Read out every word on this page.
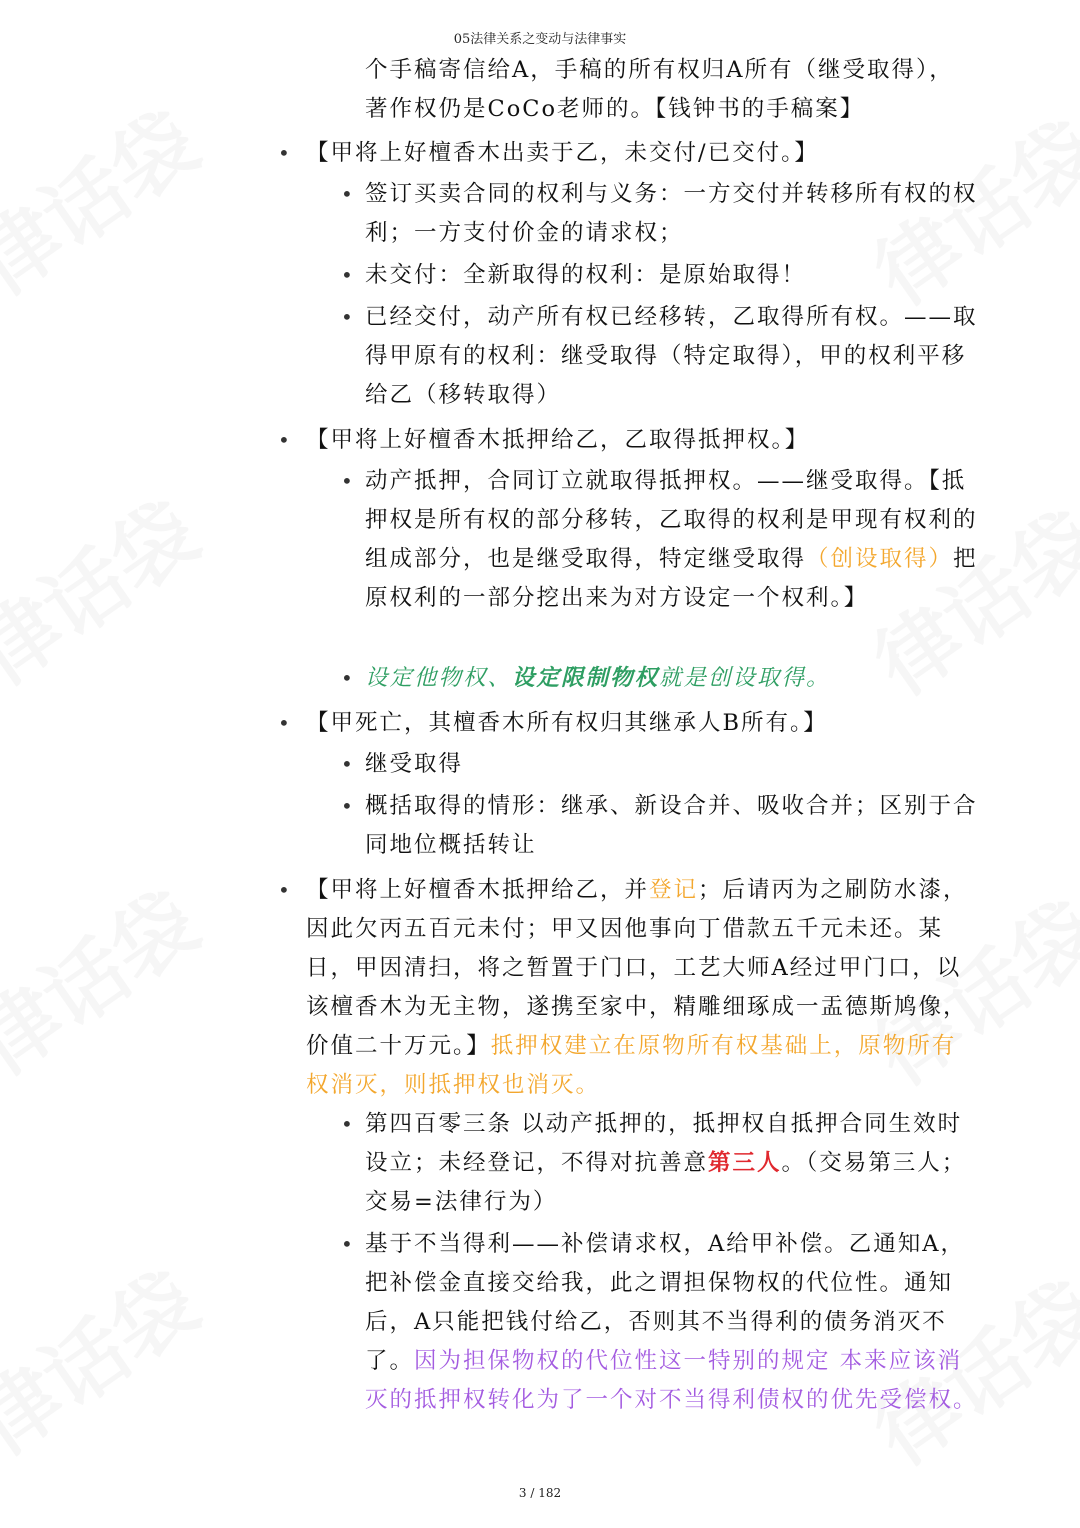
05法律关系之变动与法律事实
个手稿寄信给A，手稿的所有权归A所有（继受取得），著作权仍是CoCo老师的。【钱钟书的手稿案】
• 【甲将上好檀香木出卖于乙，未交付/已交付。】
• 签订买卖合同的权利与义务：一方交付并转移所有权的权利；一方支付价金的请求权；
• 未交付：全新取得的权利：是原始取得！
• 已经交付，动产所有权已经移转，乙取得所有权。——取得甲原有的权利：继受取得（特定取得），甲的权利平移给乙（移转取得）
• 【甲将上好檀香木抵押给乙，乙取得抵押权。】
• 动产抵押，合同订立就取得抵押权。——继受取得。【抵押权是所有权的部分移转，乙取得的权利是甲现有权利的组成部分，也是继受取得，特定继受取得（创设取得）把原权利的一部分挖出来为对方设定一个权利。】
• 设定他物权、设定限制物权就是创设取得。
• 【甲死亡，其檀香木所有权归其继承人B所有。】
• 继受取得
• 概括取得的情形：继承、新设合并、吸收合并；区别于合同地位概括转让
• 【甲将上好檀香木抵押给乙，并登记；后请丙为之刷防水漆，因此欠丙五百元未付；甲又因他事向丁借款五千元未还。某日，甲因清扫，将之暂置于门口，工艺大师A经过甲门口，以该檀香木为无主物，遂携至家中，精雕细琢成一盂德斯鸠像，价值二十万元。】抵押权建立在原物所有权基础上，原物所有权消灭，则抵押权也消灭。
• 第四百零三条 以动产抵押的，抵押权自抵押合同生效时设立；未经登记，不得对抗善意第三人。（交易第三人；交易=法律行为）
• 基于不当得利——补偿请求权，A给甲补偿。乙通知A，把补偿金直接交给我，此之谓担保物权的代位性。通知后，A只能把钱付给乙，否则其不当得利的债务消灭不了。因为担保物权的代位性这一特别的规定 本来应该消灭的抵押权转化为了一个对不当得利债权的优先受偿权。
3 / 182
